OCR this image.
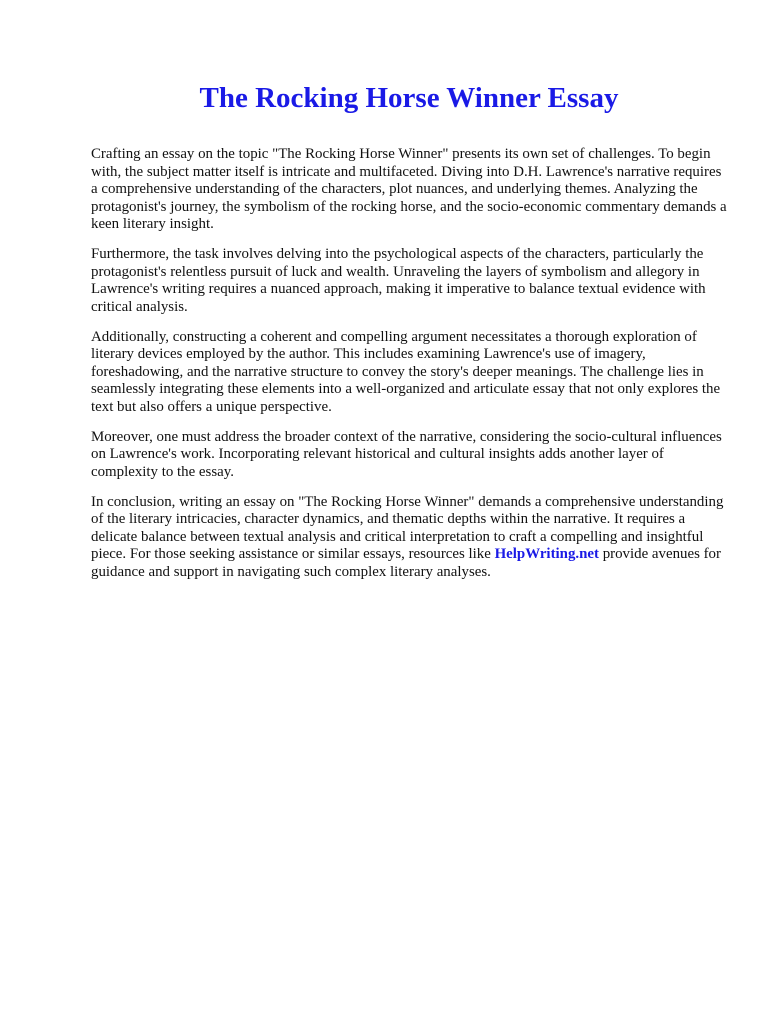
The Rocking Horse Winner Essay

Crafting an essay on the topic "The Rocking Horse Winner" presents its own set of challenges. To begin with, the subject matter itself is intricate and multifaceted. Diving into D.H. Lawrence's narrative requires a comprehensive understanding of the characters, plot nuances, and underlying themes. Analyzing the protagonist's journey, the symbolism of the rocking horse, and the socio-economic commentary demands a keen literary insight.

Furthermore, the task involves delving into the psychological aspects of the characters, particularly the protagonist's relentless pursuit of luck and wealth. Unraveling the layers of symbolism and allegory in Lawrence's writing requires a nuanced approach, making it imperative to balance textual evidence with critical analysis.

Additionally, constructing a coherent and compelling argument necessitates a thorough exploration of literary devices employed by the author. This includes examining Lawrence's use of imagery, foreshadowing, and the narrative structure to convey the story's deeper meanings. The challenge lies in seamlessly integrating these elements into a well-organized and articulate essay that not only explores the text but also offers a unique perspective.

Moreover, one must address the broader context of the narrative, considering the socio-cultural influences on Lawrence's work. Incorporating relevant historical and cultural insights adds another layer of complexity to the essay.

In conclusion, writing an essay on "The Rocking Horse Winner" demands a comprehensive understanding of the literary intricacies, character dynamics, and thematic depths within the narrative. It requires a delicate balance between textual analysis and critical interpretation to craft a compelling and insightful piece. For those seeking assistance or similar essays, resources like HelpWriting.net provide avenues for guidance and support in navigating such complex literary analyses.
